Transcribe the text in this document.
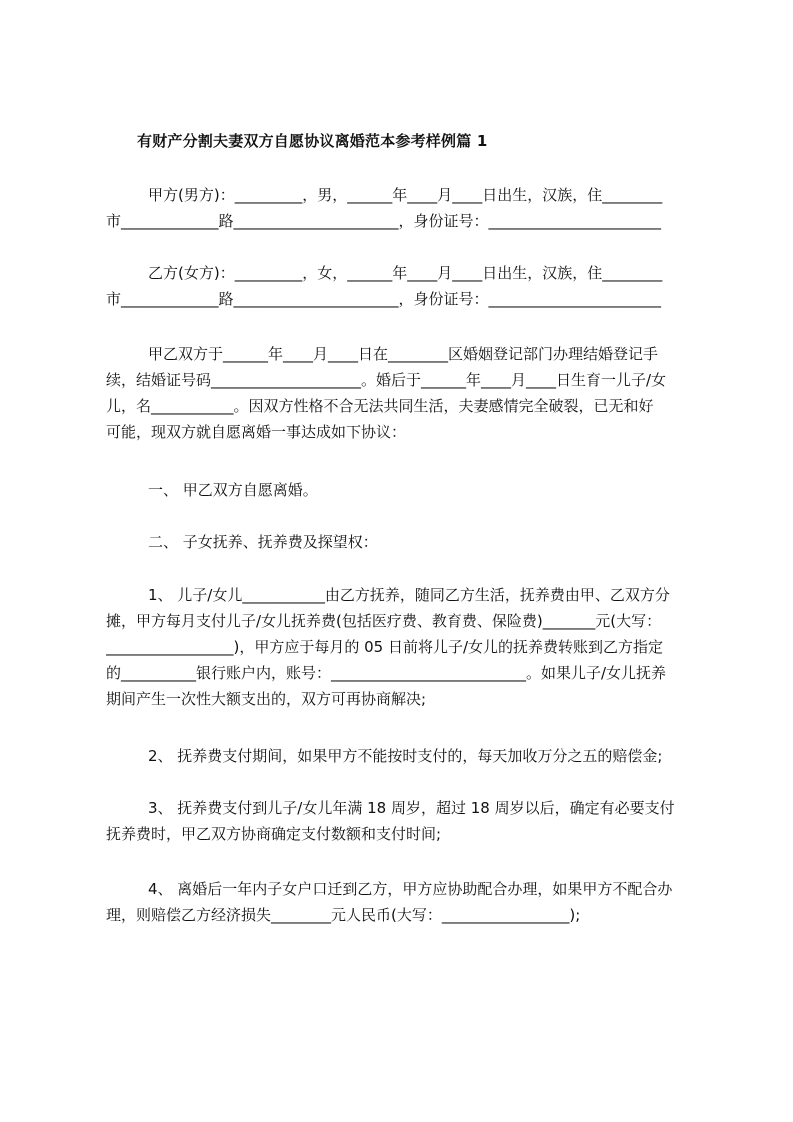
有财产分割夫妻双方自愿协议离婚范本参考样例篇 1
甲方(男方)：_________，男，______年____月____日出生，汉族，住________
市_____________路______________________，身份证号：_______________________
乙方(女方)：_________，女，______年____月____日出生，汉族，住________
市_____________路______________________，身份证号：_______________________
甲乙双方于______年____月____日在________区婚姻登记部门办理结婚登记手
续，结婚证号码____________________。婚后于______年____月____日生育一儿子/女
儿，名___________。因双方性格不合无法共同生活，夫妻感情完全破裂，已无和好
可能，现双方就自愿离婚一事达成如下协议：
一、 甲乙双方自愿离婚。
二、 子女抚养、抚养费及探望权：
1、 儿子/女儿___________由乙方抚养，随同乙方生活，抚养费由甲、乙双方分
摊，甲方每月支付儿子/女儿抚养费(包括医疗费、教育费、保险费)_______元(大写：
_________________)，甲方应于每月的 05 日前将儿子/女儿的抚养费转账到乙方指定
的__________银行账户内，账号：__________________________。如果儿子/女儿抚养
期间产生一次性大额支出的，双方可再协商解决;
2、 抚养费支付期间，如果甲方不能按时支付的，每天加收万分之五的赔偿金;
3、 抚养费支付到儿子/女儿年满 18 周岁，超过 18 周岁以后，确定有必要支付
抚养费时，甲乙双方协商确定支付数额和支付时间;
4、 离婚后一年内子女户口迁到乙方，甲方应协助配合办理，如果甲方不配合办
理，则赔偿乙方经济损失________元人民币(大写：_________________);
